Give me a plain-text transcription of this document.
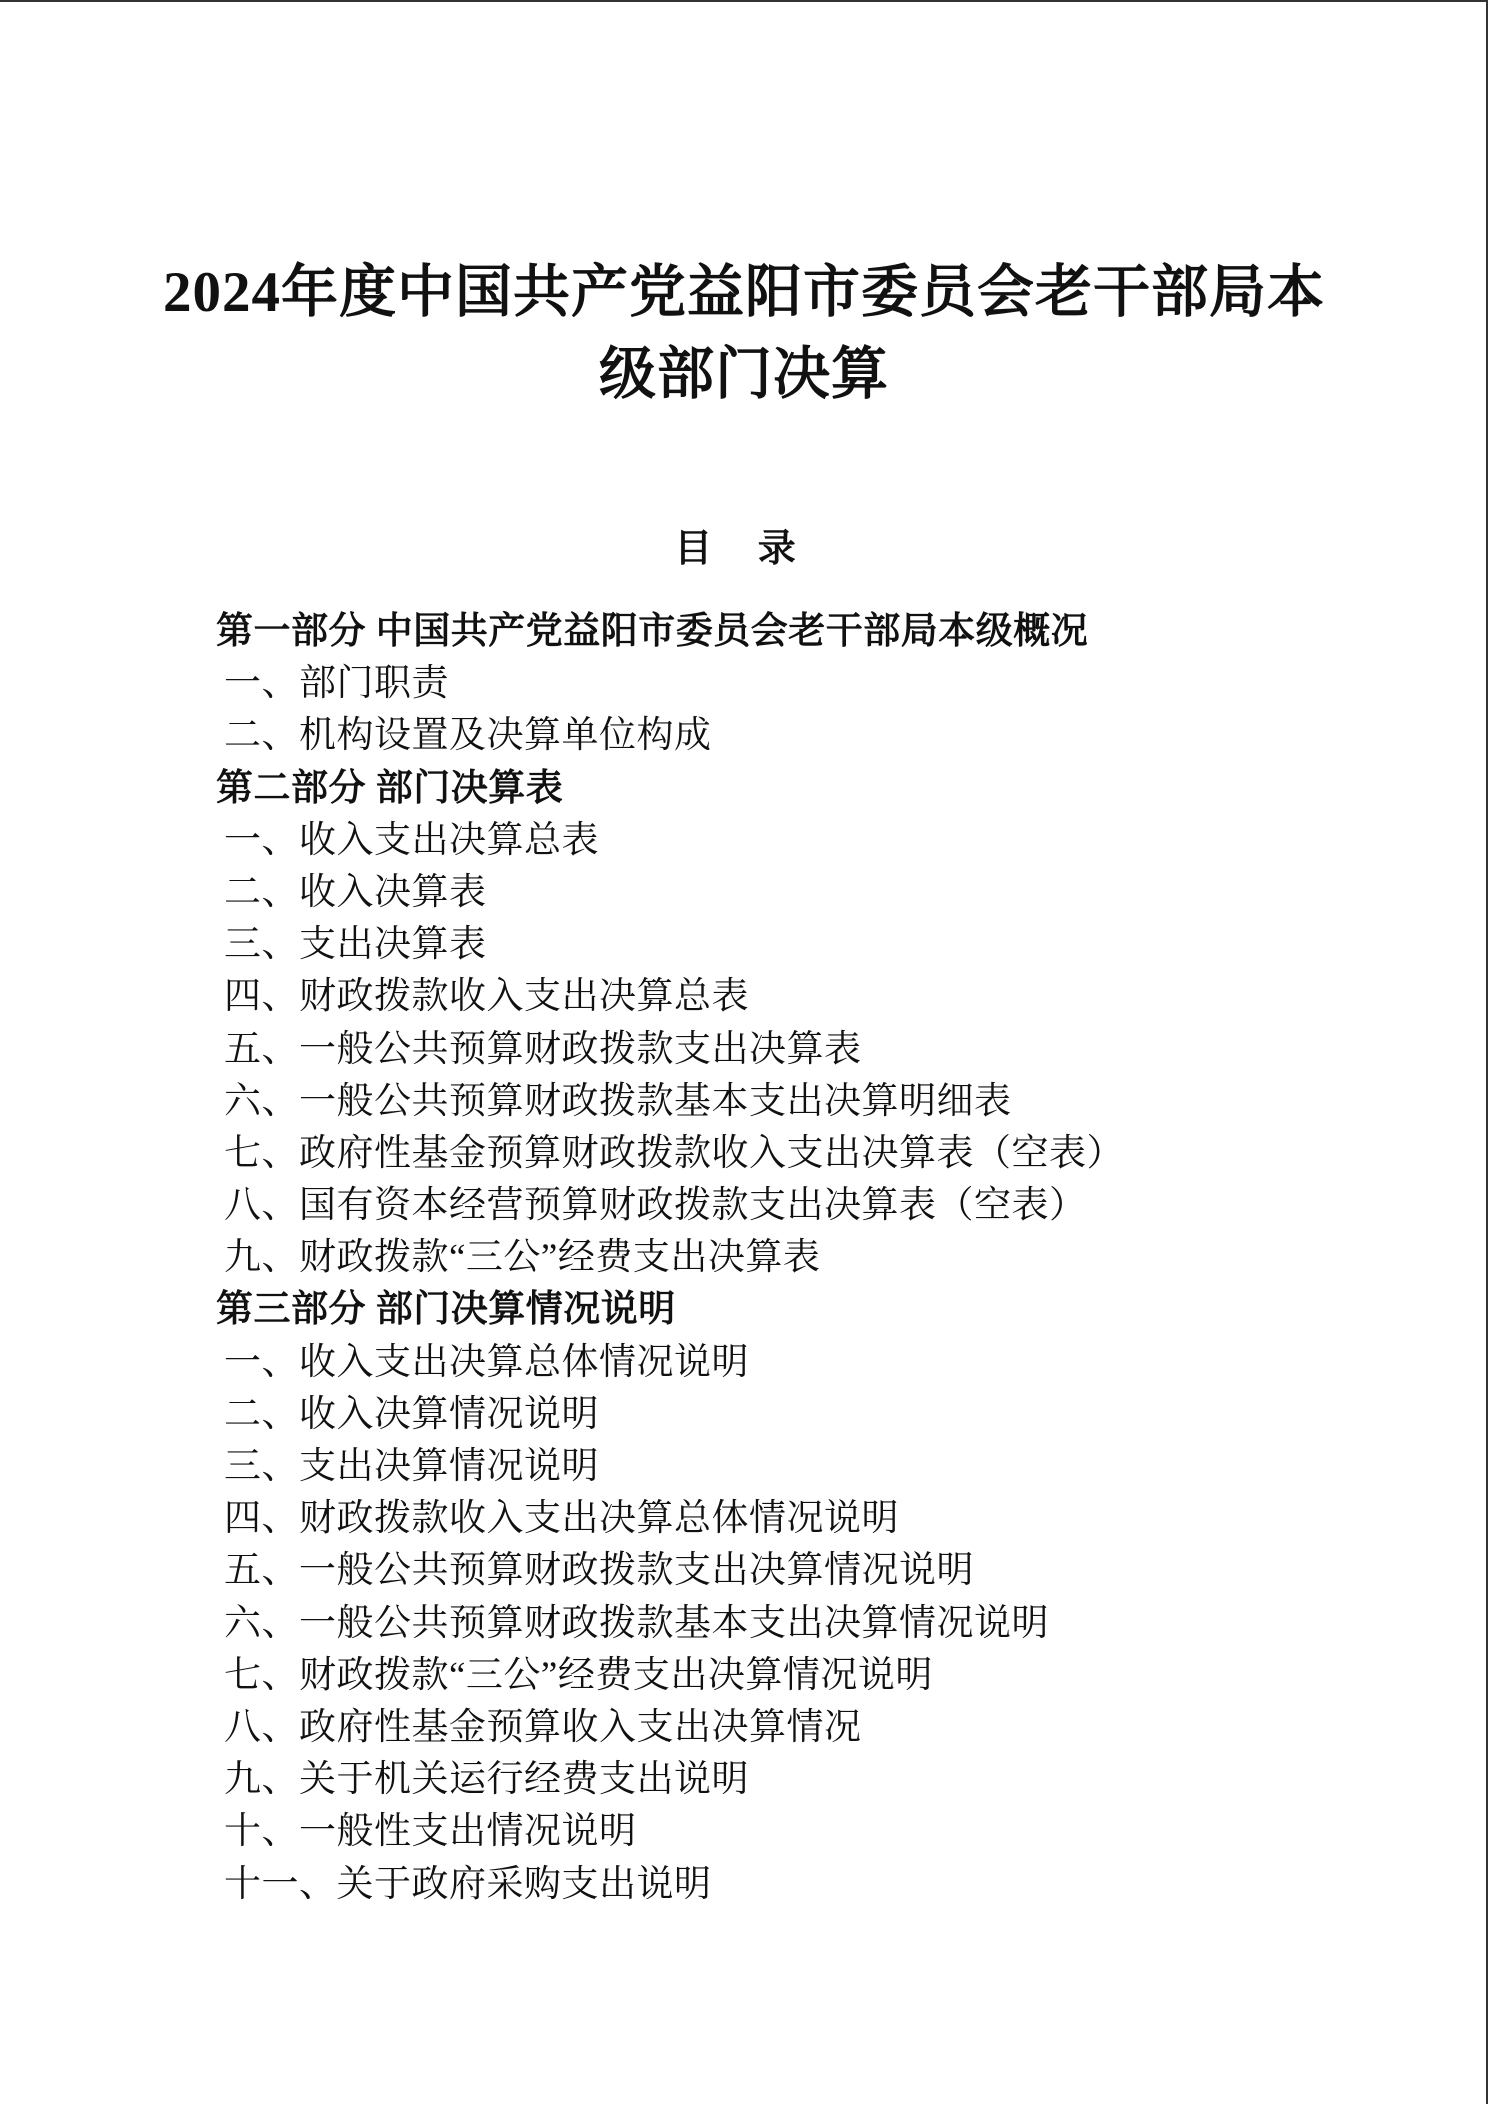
2024年度中国共产党益阳市委员会老干部局本
级部门决算
目 录
第一部分 中国共产党益阳市委员会老干部局本级概况
一、部门职责
二、机构设置及决算单位构成
第二部分 部门决算表
一、收入支出决算总表
二、收入决算表
三、支出决算表
四、财政拨款收入支出决算总表
五、一般公共预算财政拨款支出决算表
六、一般公共预算财政拨款基本支出决算明细表
七、政府性基金预算财政拨款收入支出决算表（空表）
八、国有资本经营预算财政拨款支出决算表（空表）
九、财政拨款“三公”经费支出决算表
第三部分 部门决算情况说明
一、收入支出决算总体情况说明
二、收入决算情况说明
三、支出决算情况说明
四、财政拨款收入支出决算总体情况说明
五、一般公共预算财政拨款支出决算情况说明
六、一般公共预算财政拨款基本支出决算情况说明
七、财政拨款“三公”经费支出决算情况说明
八、政府性基金预算收入支出决算情况
九、关于机关运行经费支出说明
十、一般性支出情况说明
十一、关于政府采购支出说明
